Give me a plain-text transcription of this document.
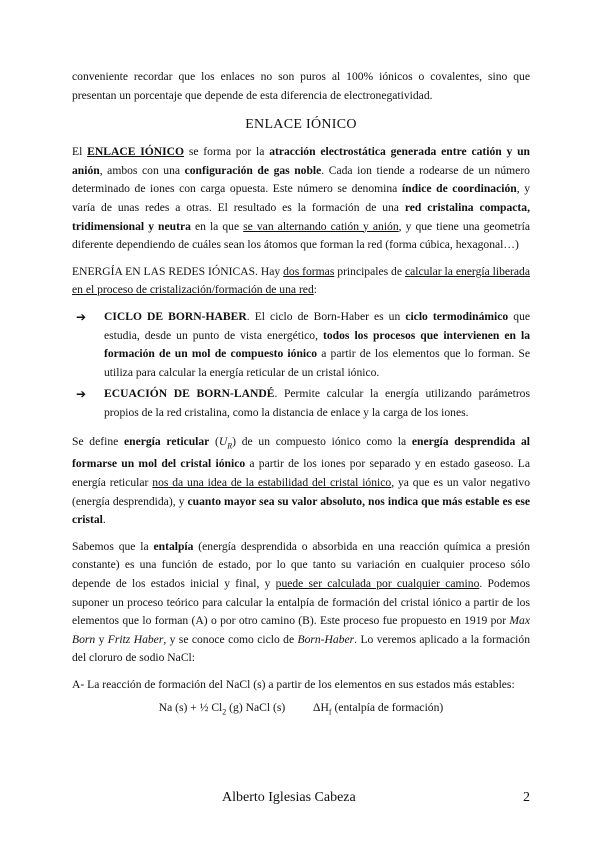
conveniente recordar que los enlaces no son puros al 100% iónicos o covalentes, sino que presentan un porcentaje que depende de esta diferencia de electronegatividad.

ENLACE IÓNICO

El ENLACE IÓNICO se forma por la atracción electrostática generada entre catión y un anión, ambos con una configuración de gas noble. Cada ion tiende a rodearse de un número determinado de iones con carga opuesta. Este número se denomina índice de coordinación, y varía de unas redes a otras. El resultado es la formación de una red cristalina compacta, tridimensional y neutra en la que se van alternando catión y anión, y que tiene una geometría diferente dependiendo de cuáles sean los átomos que forman la red (forma cúbica, hexagonal…)

ENERGÍA EN LAS REDES IÓNICAS. Hay dos formas principales de calcular la energía liberada en el proceso de cristalización/formación de una red:

➔	CICLO DE BORN-HABER. El ciclo de Born-Haber es un ciclo termodinámico que estudia, desde un punto de vista energético, todos los procesos que intervienen en la formación de un mol de compuesto iónico a partir de los elementos que lo forman. Se utiliza para calcular la energía reticular de un cristal iónico.

➔	ECUACIÓN DE BORN-LANDÉ. Permite calcular la energía utilizando parámetros propios de la red cristalina, como la distancia de enlace y la carga de los iones.

Se define energía reticular $(U_R)$ de un compuesto iónico como la energía desprendida al formarse un mol del cristal iónico a partir de los iones por separado y en estado gaseoso. La energía reticular nos da una idea de la estabilidad del cristal iónico, ya que es un valor negativo (energía desprendida), y cuanto mayor sea su valor absoluto, nos indica que más estable es ese cristal.

Sabemos que la entalpía (energía desprendida o absorbida en una reacción química a presión constante) es una función de estado, por lo que tanto su variación en cualquier proceso sólo depende de los estados inicial y final, y puede ser calculada por cualquier camino. Podemos suponer un proceso teórico para calcular la entalpía de formación del cristal iónico a partir de los elementos que lo forman (A) o por otro camino (B). Este proceso fue propuesto en 1919 por Max Born y Fritz Haber, y se conoce como ciclo de Born-Haber. Lo veremos aplicado a la formación del cloruro de sodio NaCl:

A- La reacción de formación del NaCl (s) a partir de los elementos en sus estados más estables:

Na (s) + ½ $Cl_2$ (g) NaCl (s) $\Delta H_f$ (entalpía de formación)
Alberto Iglesias Cabeza	2
